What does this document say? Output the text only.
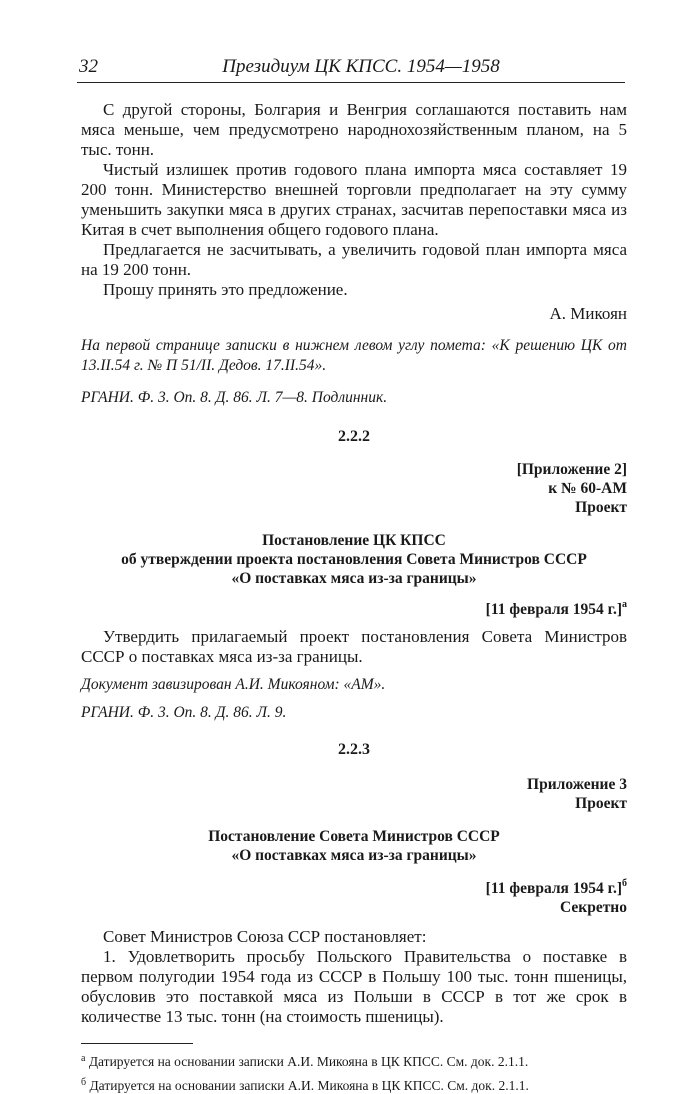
32	Президиум ЦК КПСС. 1954—1958

С другой стороны, Болгария и Венгрия соглашаются поставить нам мяса меньше, чем предусмотрено народнохозяйственным планом, на 5 тыс. тонн.

Чистый излишек против годового плана импорта мяса составляет 19 200 тонн. Министерство внешней торговли предполагает на эту сумму уменьшить закупки мяса в других странах, засчитав перепоставки мяса из Китая в счет выполнения общего годового плана.

Предлагается не засчитывать, а увеличить годовой план импорта мяса на 19 200 тонн.

Прошу принять это предложение.

А. Микоян

На первой странице записки в нижнем левом углу помета: «К решению ЦК от 13.II.54 г. № П 51/II. Дедов. 17.II.54».

РГАНИ. Ф. 3. Оп. 8. Д. 86. Л. 7—8. Подлинник.

2.2.2

[Приложение 2]

к № 60-АМ

Проект

Постановление ЦК КПСС

об утверждении проекта постановления Совета Министров СССР

«О поставках мяса из-за границы»

[11 февраля 1954 г.]$^а$

Утвердить прилагаемый проект постановления Совета Министров СССР о поставках мяса из-за границы.

Документ завизирован А.И. Микояном: «АМ».

РГАНИ. Ф. 3. Оп. 8. Д. 86. Л. 9.

2.2.3

Приложение 3

Проект

Постановление Совета Министров СССР

«О поставках мяса из-за границы»

[11 февраля 1954 г.]$^б$

Секретно

Совет Министров Союза ССР постановляет:

1. Удовлетворить просьбу Польского Правительства о поставке в первом полугодии 1954 года из СССР в Польшу 100 тыс. тонн пшеницы, обусловив это поставкой мяса из Польши в СССР в тот же срок в количестве 13 тыс. тонн (на стоимость пшеницы).

$^а$ Датируется на основании записки А.И. Микояна в ЦК КПСС. См. док. 2.1.1.

$^б$ Датируется на основании записки А.И. Микояна в ЦК КПСС. См. док. 2.1.1.
